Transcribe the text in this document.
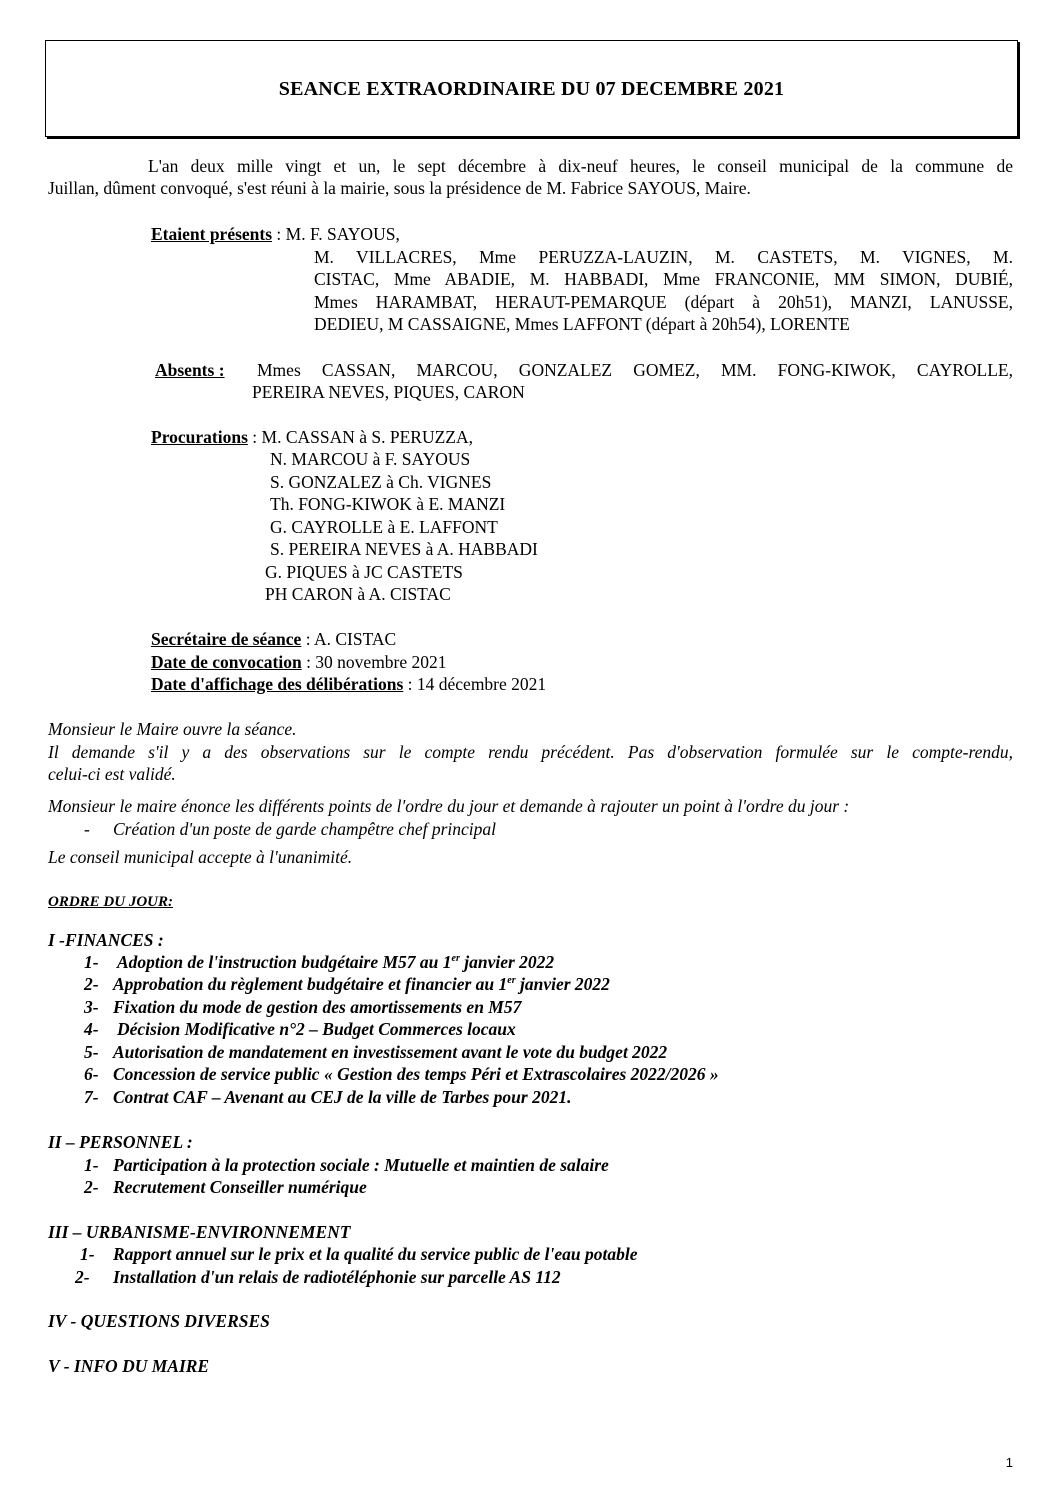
SEANCE EXTRAORDINAIRE DU 07 DECEMBRE 2021
L'an deux mille vingt et un, le sept décembre à dix-neuf heures, le conseil municipal de la commune de
Juillan, dûment convoqué, s'est réuni à la mairie, sous la présidence de M. Fabrice SAYOUS, Maire.
Etaient présents : M. F. SAYOUS,
M. VILLACRES, Mme PERUZZA-LAUZIN, M. CASTETS, M. VIGNES, M.
CISTAC, Mme ABADIE, M. HABBADI, Mme FRANCONIE, MM SIMON, DUBIÉ,
Mmes HARAMBAT, HERAUT-PEMARQUE (départ à 20h51), MANZI, LANUSSE,
DEDIEU, M CASSAIGNE, Mmes LAFFONT (départ à 20h54), LORENTE
Absents : Mmes CASSAN, MARCOU, GONZALEZ GOMEZ, MM. FONG-KIWOK, CAYROLLE,
PEREIRA NEVES, PIQUES, CARON
Procurations : M. CASSAN à S. PERUZZA,
N. MARCOU à F. SAYOUS
S. GONZALEZ à Ch. VIGNES
Th. FONG-KIWOK à E. MANZI
G. CAYROLLE à E. LAFFONT
S. PEREIRA NEVES à A. HABBADI
G. PIQUES à JC CASTETS
PH CARON à A. CISTAC
Secrétaire de séance : A. CISTAC
Date de convocation : 30 novembre 2021
Date d'affichage des délibérations : 14 décembre 2021
Monsieur le Maire ouvre la séance.
Il demande s'il y a des observations sur le compte rendu précédent. Pas d'observation formulée sur le compte-rendu,
celui-ci est validé.
Monsieur le maire énonce les différents points de l'ordre du jour et demande à rajouter un point à l'ordre du jour :
- Création d'un poste de garde champêtre chef principal
Le conseil municipal accepte à l'unanimité.
ORDRE DU JOUR:
I -FINANCES :
1- Adoption de l'instruction budgétaire M57 au 1er janvier 2022
2- Approbation du règlement budgétaire et financier au 1er janvier 2022
3- Fixation du mode de gestion des amortissements en M57
4- Décision Modificative n°2 – Budget Commerces locaux
5- Autorisation de mandatement en investissement avant le vote du budget 2022
6- Concession de service public « Gestion des temps Péri et Extrascolaires 2022/2026 »
7- Contrat CAF – Avenant au CEJ de la ville de Tarbes pour 2021.
II – PERSONNEL :
1- Participation à la protection sociale : Mutuelle et maintien de salaire
2- Recrutement Conseiller numérique
III – URBANISME-ENVIRONNEMENT
1- Rapport annuel sur le prix et la qualité du service public de l'eau potable
2- Installation d'un relais de radiotéléphonie sur parcelle AS 112
IV - QUESTIONS DIVERSES
V - INFO DU MAIRE
1
